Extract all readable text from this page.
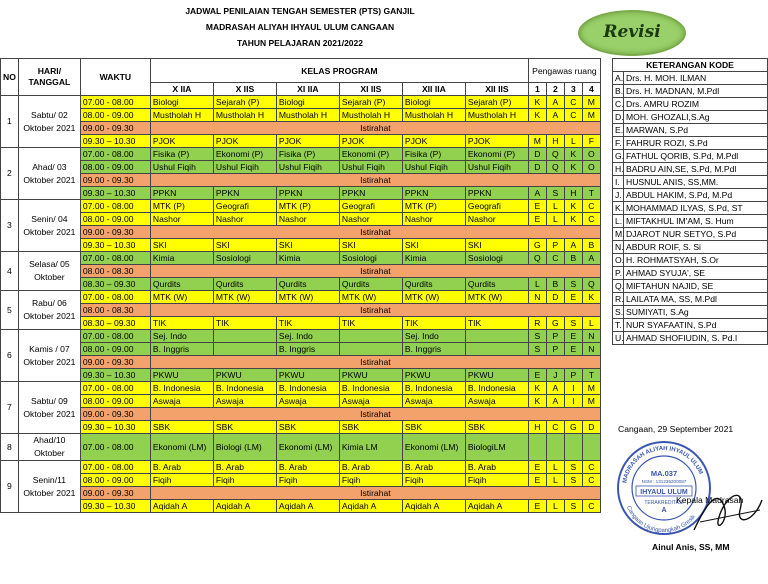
JADWAL PENILAIAN TENGAH SEMESTER (PTS) GANJIL
MADRASAH ALIYAH IHYAUL ULUM CANGAAN
TAHUN PELAJARAN 2021/2022
Revisi
NO	HARI/ TANGGAL	WAKTU	KELAS PROGRAM						Pengawas ruang			
			X IIA	X IIS	XI IIA	XI IIS	XII IIA	XII IIS	1	2	3	4
1	Sabtu/ 02 Oktober 2021	07.00 - 08.00	Biologi	Sejarah (P)	Biologi	Sejarah (P)	Biologi	Sejarah (P)	K	A	C	M
		08.00 - 09.00	Mustholah H	Mustholah H	Mustholah H	Mustholah H	Mustholah H	Mustholah H	K	A	C	M
		09.00 - 09.30	Istirahat									
		09.30 – 10.30	PJOK	PJOK	PJOK	PJOK	PJOK	PJOK	M	H	L	F
2	Ahad/ 03 Oktober 2021	07.00 - 08.00	Fisika (P)	Ekonomi (P)	Fisika (P)	Ekonomi (P)	Fisika (P)	Ekonomi (P)	D	Q	K	O
		08.00 - 09.00	Ushul Fiqih	Ushul Fiqih	Ushul Fiqih	Ushul Fiqih	Ushul Fiqih	Ushul Fiqih	D	Q	K	O
		09.00 - 09.30	Istirahat									
		09.30 – 10.30	PPKN	PPKN	PPKN	PPKN	PPKN	PPKN	A	S	H	T
3	Senin/ 04 Oktober 2021	07.00 - 08.00	MTK (P)	Geografi	MTK (P)	Geografi	MTK (P)	Geografi	E	L	K	C
		08.00 - 09.00	Nashor	Nashor	Nashor	Nashor	Nashor	Nashor	E	L	K	C
		09.00 - 09.30	Istirahat									
		09.30 – 10.30	SKI	SKI	SKI	SKI	SKI	SKI	G	P	A	B
4	Selasa/ 05 Oktober	07.00 - 08.00	Kimia	Sosiologi	Kimia	Sosiologi	Kimia	Sosiologi	Q	C	B	A
		08.00 - 08.30	Istirahat									
		08.30 – 09.30	Qurdits	Qurdits	Qurdits	Qurdits	Qurdits	Qurdits	L	B	S	Q
5	Rabu/ 06 Oktober 2021	07.00 - 08.00	MTK (W)	MTK (W)	MTK (W)	MTK (W)	MTK (W)	MTK (W)	N	D	E	K
		08.00 - 08.30	Istirahat									
		08.30 – 09.30	TIK	TIK	TIK	TIK	TIK	TIK	R	G	S	L
6	Kamis / 07 Oktober 2021	07.00 - 08.00	Sej. Indo		Sej. Indo		Sej. Indo		S	P	E	N
		08.00 - 09.00	B. Inggris		B. Inggris		B. Inggris		S	P	E	N
		09.00 - 09.30	Istirahat									
		09.30 – 10.30	PKWU	PKWU	PKWU	PKWU	PKWU	PKWU	E	J	P	T
7	Sabtu/ 09 Oktober 2021	07.00 - 08.00	B. Indonesia	B. Indonesia	B. Indonesia	B. Indonesia	B. Indonesia	B. Indonesia	K	A	I	M
		08.00 - 09.00	Aswaja	Aswaja	Aswaja	Aswaja	Aswaja	Aswaja	K	A	I	M
		09.00 - 09.30	Istirahat									
		09.30 – 10.30	SBK	SBK	SBK	SBK	SBK	SBK	H	C	G	D
8	Ahad/10 Oktober	07.00 - 08.00	Ekonomi (LM)	Biologi (LM)	Ekonomi (LM)	Kimia LM	Ekonomi (LM)	BiologiLM				
9	Senin/11 Oktober 2021	07.00 - 08.00	B. Arab	B. Arab	B. Arab	B. Arab	B. Arab	B. Arab	E	L	S	C
		08.00 - 09.00	Fiqih	Fiqih	Fiqih	Fiqih	Fiqih	Fiqih	E	L	S	C
		09.00 - 09.30	Istirahat									
		09.30 – 10.30	Aqidah A	Aqidah A	Aqidah A	Aqidah A	Aqidah A	Aqidah A	E	L	S	C
KETERANGAN KODE	
A.	Drs. H. MOH. ILMAN
B.	Drs. H. MADNAN, M.Pdl
C.	Drs. AMRU ROZIM
D.	MOH. GHOZALI,S.Ag
E.	MARWAN, S.Pd
F.	FAHRUR ROZI, S.Pd
G.	FATHUL QORIB, S.Pd, M.Pdl
H.	BADRU AIN,SE, S.Pd, M.Pdl
I.	HUSNUL ANIS, SS,MM.
J.	ABDUL HAKIM, S.Pd, M.Pd
K.	MOHAMMAD ILYAS, S.Pd, ST
L.	MIFTAKHUL IM'AM, S. Hum
M.	DJAROT NUR SETYO, S.Pd
N.	ABDUR ROIF, S. Si
O.	H. ROHMATSYAH, S.Or
P.	AHMAD SYUJA', SE
Q.	MIFTAHUN NAJID, SE
R.	LAILATA MA, SS, M.Pdl
S.	SUMIYATI, S.Ag
T.	NUR SYAFAATIN, S.Pd
U.	AHMAD SHOFIUDIN, S. Pd.I
Cangaan, 29 September 2021
MADRASAH ALIYAH IHYAUL ULUM
Cangaan Ujungpangkah Gresik
MA.037
NSM : 131235200087
IHYAUL ULUM
TERAKREDITASI
A
Kepala Madrasah
Ainul Anis, SS, MM
